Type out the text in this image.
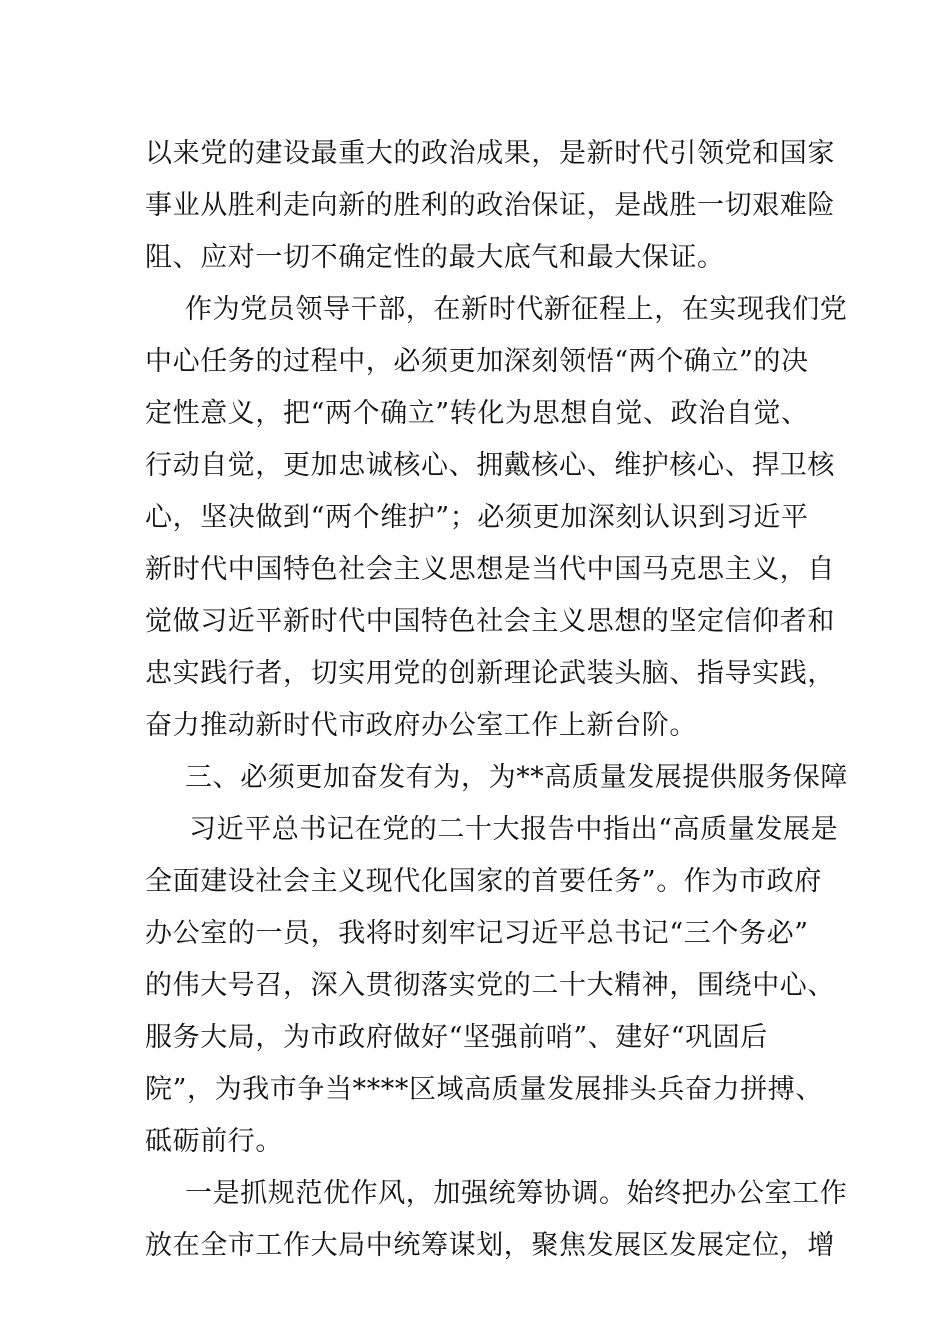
以来党的建设最重大的政治成果，是新时代引领党和国家
事业从胜利走向新的胜利的政治保证，是战胜一切艰难险
阻、应对一切不确定性的最大底气和最大保证。
作为党员领导干部，在新时代新征程上，在实现我们党
中心任务的过程中，必须更加深刻领悟“两个确立”的决
定性意义，把“两个确立”转化为思想自觉、政治自觉、
行动自觉，更加忠诚核心、拥戴核心、维护核心、捍卫核
心，坚决做到“两个维护”；必须更加深刻认识到习近平
新时代中国特色社会主义思想是当代中国马克思主义，自
觉做习近平新时代中国特色社会主义思想的坚定信仰者和
忠实践行者，切实用党的创新理论武装头脑、指导实践，
奋力推动新时代市政府办公室工作上新台阶。
三、必须更加奋发有为，为**高质量发展提供服务保障
习近平总书记在党的二十大报告中指出“高质量发展是
全面建设社会主义现代化国家的首要任务”。作为市政府
办公室的一员，我将时刻牢记习近平总书记“三个务必”
的伟大号召，深入贯彻落实党的二十大精神，围绕中心、
服务大局，为市政府做好“坚强前哨”、建好“巩固后
院”，为我市争当****区域高质量发展排头兵奋力拼搏、
砥砺前行。
一是抓规范优作风，加强统筹协调。始终把办公室工作
放在全市工作大局中统筹谋划，聚焦发展区发展定位，增
